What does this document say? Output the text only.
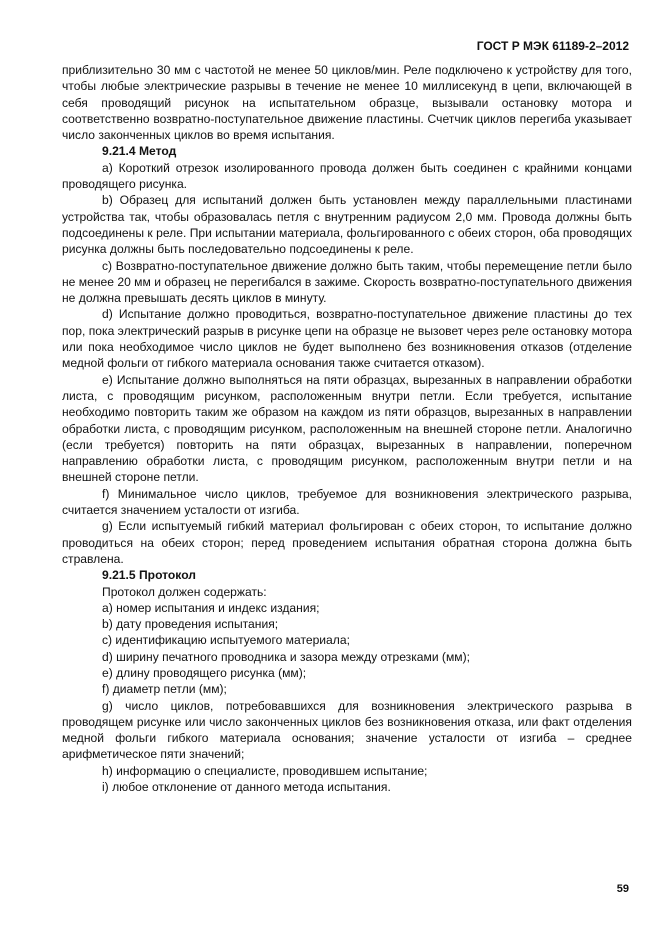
ГОСТ Р МЭК 61189-2–2012

приблизительно 30 мм с частотой не менее 50 циклов/мин. Реле подключено к устройству для того, чтобы любые электрические разрывы в течение не менее 10 миллисекунд в цепи, включающей в себя проводящий рисунок на испытательном образце, вызывали остановку мотора и соответственно возвратно-поступательное движение пластины. Счетчик циклов перегиба указывает число законченных циклов во время испытания.

9.21.4 Метод

a) Короткий отрезок изолированного провода должен быть соединен с крайними концами проводящего рисунка.

b) Образец для испытаний должен быть установлен между параллельными пластинами устройства так, чтобы образовалась петля с внутренним радиусом 2,0 мм. Провода должны быть подсоединены к реле. При испытании материала, фольгированного с обеих сторон, оба проводящих рисунка должны быть последовательно подсоединены к реле.

c) Возвратно-поступательное движение должно быть таким, чтобы перемещение петли было не менее 20 мм и образец не перегибался в зажиме. Скорость возвратно-поступательного движения не должна превышать десять циклов в минуту.

d) Испытание должно проводиться, возвратно-поступательное движение пластины до тех пор, пока электрический разрыв в рисунке цепи на образце не вызовет через реле остановку мотора или пока необходимое число циклов не будет выполнено без возникновения отказов (отделение медной фольги от гибкого материала основания также считается отказом).

e) Испытание должно выполняться на пяти образцах, вырезанных в направлении обработки листа, с проводящим рисунком, расположенным внутри петли. Если требуется, испытание необходимо повторить таким же образом на каждом из пяти образцов, вырезанных в направлении обработки листа, с проводящим рисунком, расположенным на внешней стороне петли. Аналогично (если требуется) повторить на пяти образцах, вырезанных в направлении, поперечном направлению обработки листа, с проводящим рисунком, расположенным внутри петли и на внешней стороне петли.

f) Минимальное число циклов, требуемое для возникновения электрического разрыва, считается значением усталости от изгиба.

g) Если испытуемый гибкий материал фольгирован с обеих сторон, то испытание должно проводиться на обеих сторон; перед проведением испытания обратная сторона должна быть стравлена.

9.21.5 Протокол

Протокол должен содержать:

a) номер испытания и индекс издания;

b) дату проведения испытания;

c) идентификацию испытуемого материала;

d) ширину печатного проводника и зазора между отрезками (мм);

e) длину проводящего рисунка (мм);

f) диаметр петли (мм);

g) число циклов, потребовавшихся для возникновения электрического разрыва в проводящем рисунке или число законченных циклов без возникновения отказа, или факт отделения медной фольги гибкого материала основания; значение усталости от изгиба – среднее арифметическое пяти значений;

h) информацию о специалисте, проводившем испытание;

i) любое отклонение от данного метода испытания.

59
